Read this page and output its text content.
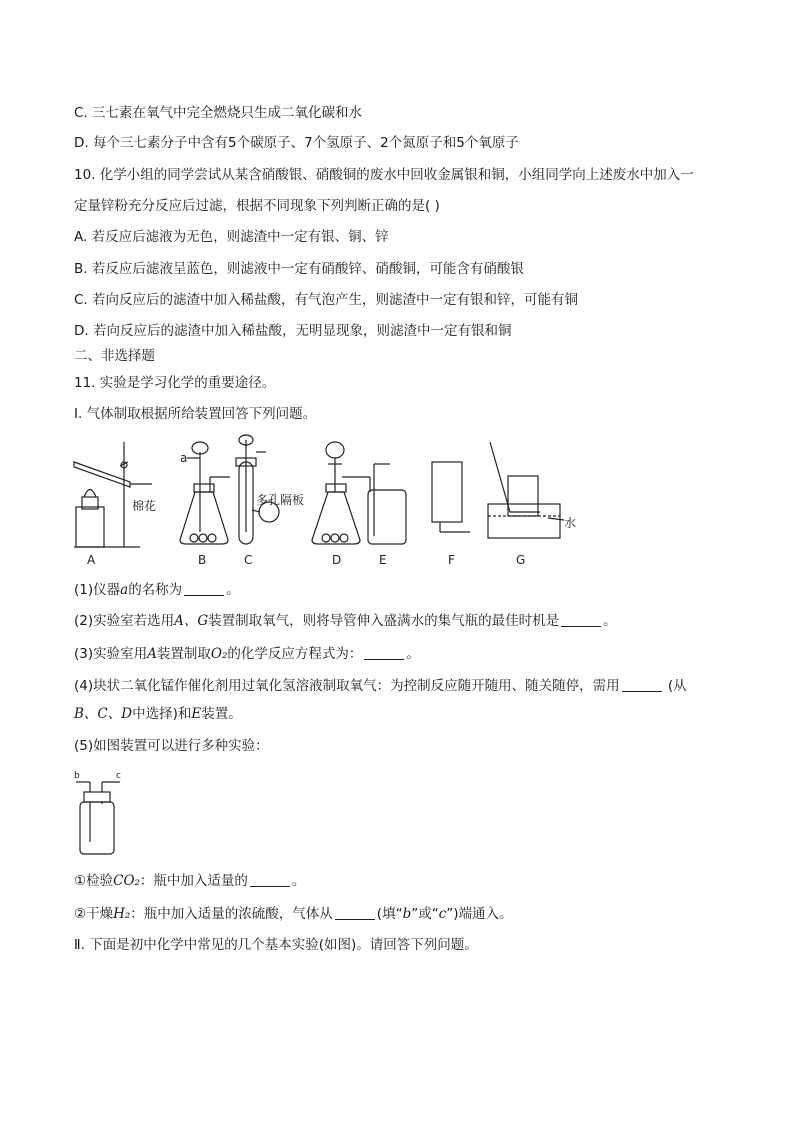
C. 三七素在氧气中完全燃烧只生成二氧化碳和水
D. 每个三七素分子中含有5个碳原子、7个氢原子、2个氮原子和5个氧原子
10. 化学小组的同学尝试从某含硝酸银、硝酸铜的废水中回收金属银和铜，小组同学向上述废水中加入一
定量锌粉充分反应后过滤，根据不同现象下列判断正确的是( )
A. 若反应后滤液为无色，则滤渣中一定有银、铜、锌
B. 若反应后滤液呈蓝色，则滤液中一定有硝酸锌、硝酸铜，可能含有硝酸银
C. 若向反应后的滤渣中加入稀盐酸，有气泡产生，则滤渣中一定有银和锌，可能有铜
D. 若向反应后的滤渣中加入稀盐酸，无明显现象，则滤渣中一定有银和铜
二、非选择题
11. 实验是学习化学的重要途径。
Ⅰ. 气体制取根据所给装置回答下列问题。
A	B	C	D	E	F	G
a
棉花	多孔隔板
水
(1)仪器a的名称为	。
(2)实验室若选用A、G装置制取氧气，则将导管伸入盛满水的集气瓶的最佳时机是	。
(3)实验室用A装置制取O₂的化学反应方程式为：	。
(4)块状二氧化锰作催化剂用过氧化氢溶液制取氧气：为控制反应随开随用、随关随停，需用	(从
B、C、D中选择)和E装置。
(5)如图装置可以进行多种实验：
b	c
①检验CO₂：瓶中加入适量的	。
②干燥H₂：瓶中加入适量的浓硫酸，气体从	(填“b”或“c”)端通入。
Ⅱ. 下面是初中化学中常见的几个基本实验(如图)。请回答下列问题。
